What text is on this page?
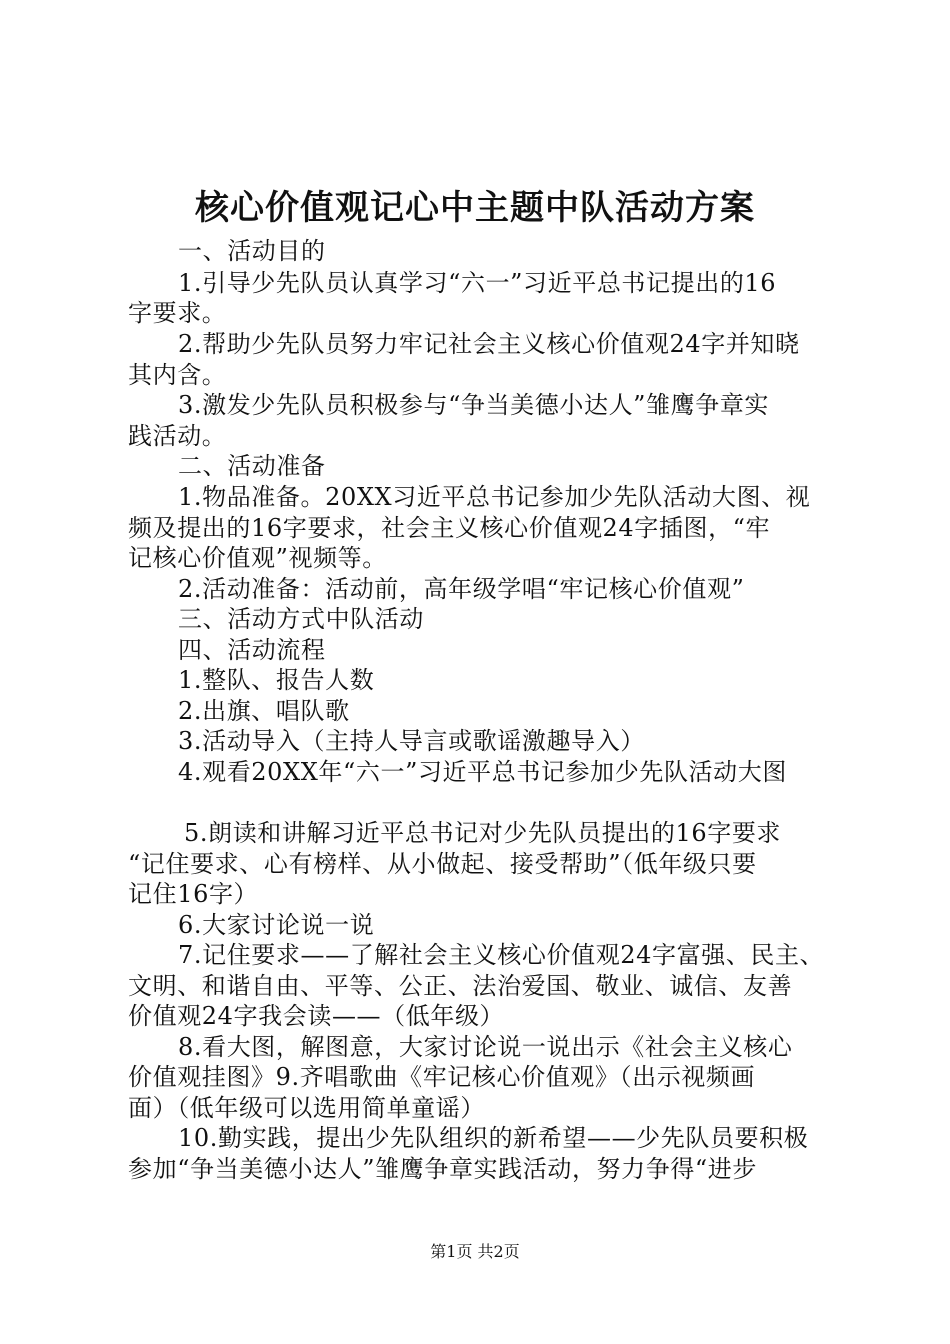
核心价值观记心中主题中队活动方案
一、活动目的
1.引导少先队员认真学习“六一”习近平总书记提出的16
字要求。
2.帮助少先队员努力牢记社会主义核心价值观24字并知晓
其内含。
3.激发少先队员积极参与“争当美德小达人”雏鹰争章实
践活动。
二、活动准备
1.物品准备。20XX习近平总书记参加少先队活动大图、视
频及提出的16字要求，社会主义核心价值观24字插图，“牢
记核心价值观”视频等。
2.活动准备：活动前，高年级学唱“牢记核心价值观”
三、活动方式中队活动
四、活动流程
1.整队、报告人数
2.出旗、唱队歌
3.活动导入（主持人导言或歌谣激趣导入）
4.观看20XX年“六一”习近平总书记参加少先队活动大图
5.朗读和讲解习近平总书记对少先队员提出的16字要求
“记住要求、心有榜样、从小做起、接受帮助”（低年级只要
记住16字）
6.大家讨论说一说
7.记住要求——了解社会主义核心价值观24字富强、民主、
文明、和谐自由、平等、公正、法治爱国、敬业、诚信、友善
价值观24字我会读——（低年级）
8.看大图，解图意，大家讨论说一说出示《社会主义核心
价值观挂图》9.齐唱歌曲《牢记核心价值观》（出示视频画
面）（低年级可以选用简单童谣）
10.勤实践，提出少先队组织的新希望——少先队员要积极
参加“争当美德小达人”雏鹰争章实践活动，努力争得“进步
第1页 共2页
